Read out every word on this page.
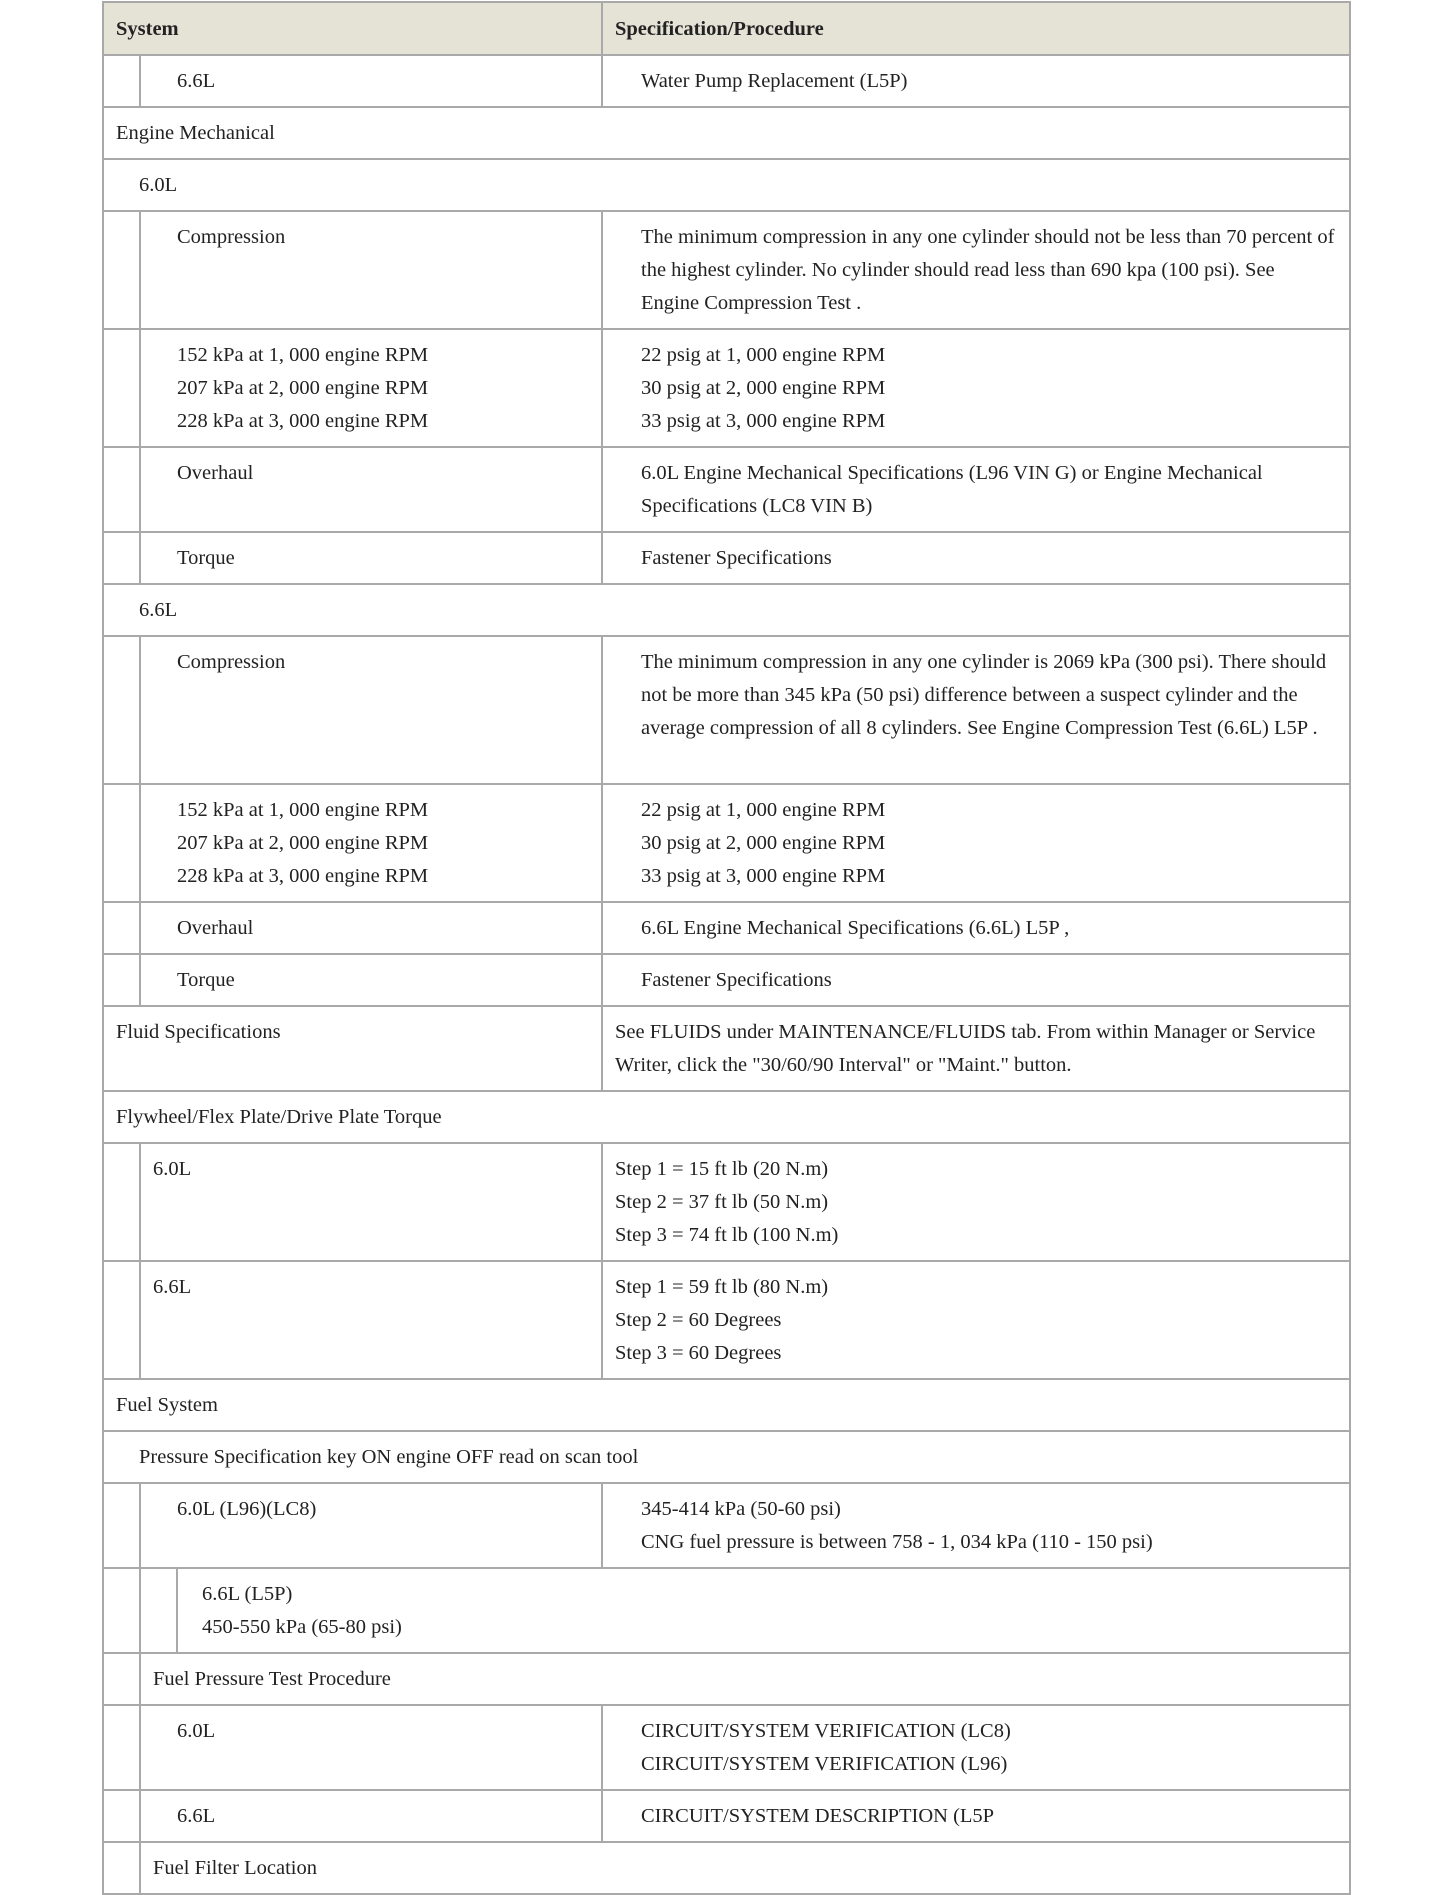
System			Specification/Procedure
	6.6L		Water Pump Replacement (L5P)
Engine Mechanical			
6.0L			
	Compression		The minimum compression in any one cylinder should not be less than 70 percent of the highest cylinder. No cylinder should read less than 690 kpa (100 psi). See Engine Compression Test .
	152 kPa at 1, 000 engine RPM
207 kPa at 2, 000 engine RPM
228 kPa at 3, 000 engine RPM		22 psig at 1, 000 engine RPM
30 psig at 2, 000 engine RPM
33 psig at 3, 000 engine RPM
	Overhaul		6.0L Engine Mechanical Specifications (L96 VIN G) or Engine Mechanical Specifications (LC8 VIN B)
	Torque		Fastener Specifications
6.6L			
	Compression		The minimum compression in any one cylinder is 2069 kPa (300 psi). There should not be more than 345 kPa (50 psi) difference between a suspect cylinder and the average compression of all 8 cylinders. See Engine Compression Test (6.6L) L5P .
	152 kPa at 1, 000 engine RPM
207 kPa at 2, 000 engine RPM
228 kPa at 3, 000 engine RPM		22 psig at 1, 000 engine RPM
30 psig at 2, 000 engine RPM
33 psig at 3, 000 engine RPM
	Overhaul		6.6L Engine Mechanical Specifications (6.6L) L5P ,
	Torque		Fastener Specifications
Fluid Specifications			See FLUIDS under MAINTENANCE/FLUIDS tab. From within Manager or Service Writer, click the "30/60/90 Interval" or "Maint." button.
Flywheel/Flex Plate/Drive Plate Torque			
	6.0L		Step 1 = 15 ft lb (20 N.m)
Step 2 = 37 ft lb (50 N.m)
Step 3 = 74 ft lb (100 N.m)
	6.6L		Step 1 = 59 ft lb (80 N.m)
Step 2 = 60 Degrees
Step 3 = 60 Degrees
Fuel System			
Pressure Specification key ON engine OFF read on scan tool			
	6.0L (L96)(LC8)		345-414 kPa (50-60 psi)
CNG fuel pressure is between 758 - 1, 034 kPa (110 - 150 psi)
		6.6L (L5P)
450-550 kPa (65-80 psi)	
	Fuel Pressure Test Procedure		
	6.0L		CIRCUIT/SYSTEM VERIFICATION (LC8)
CIRCUIT/SYSTEM VERIFICATION (L96)
	6.6L		CIRCUIT/SYSTEM DESCRIPTION (L5P
	Fuel Filter Location		
